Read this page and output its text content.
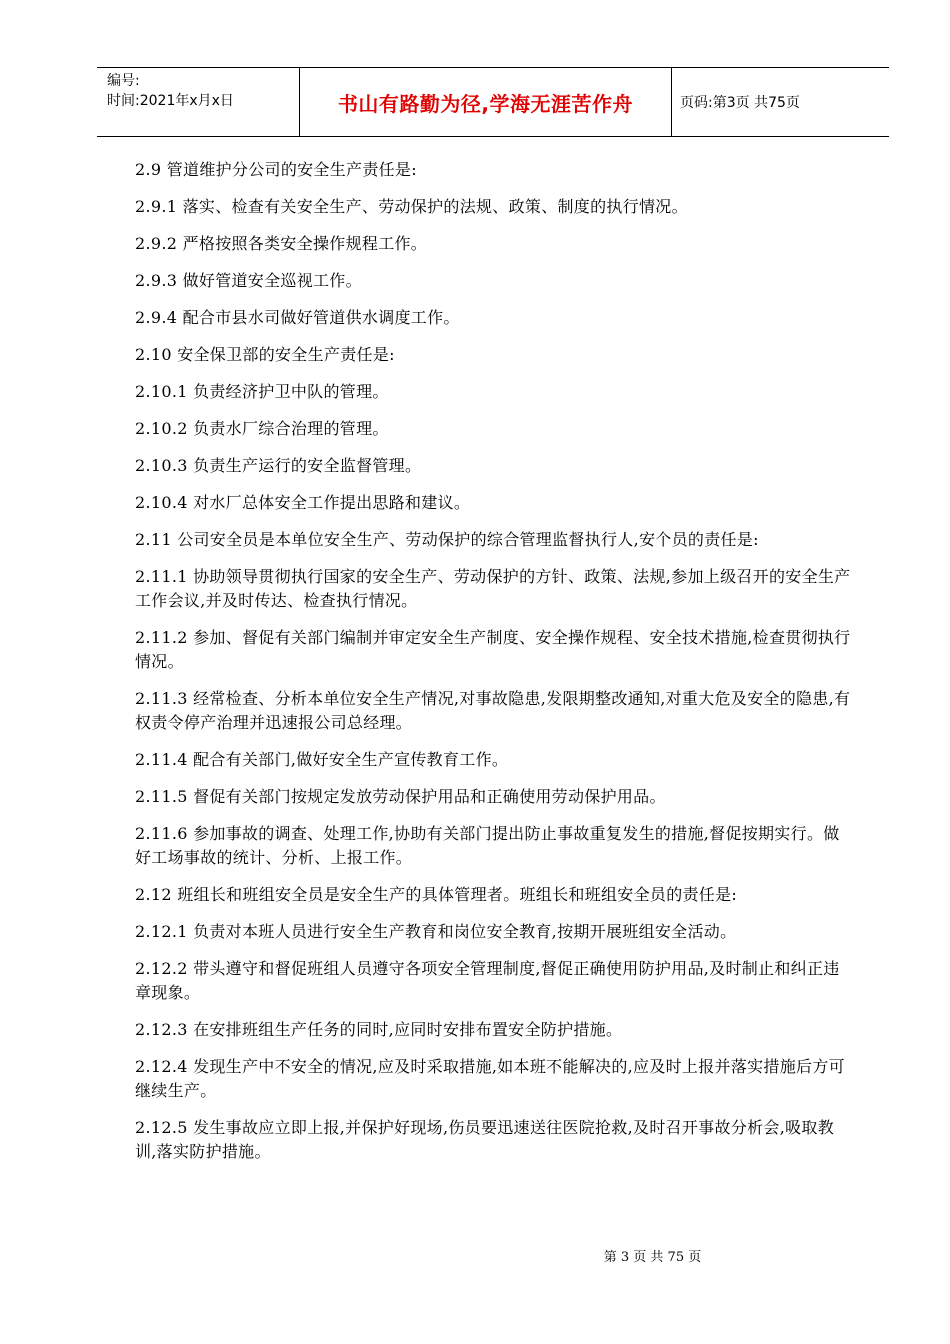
编号:
时间:2021年x月x日	书山有路勤为径,学海无涯苦作舟	页码:第3页 共75页

2.9 管道维护分公司的安全生产责任是:

2.9.1 落实、检查有关安全生产、劳动保护的法规、政策、制度的执行情况。

2.9.2 严格按照各类安全操作规程工作。

2.9.3 做好管道安全巡视工作。

2.9.4 配合市县水司做好管道供水调度工作。

2.10 安全保卫部的安全生产责任是:

2.10.1 负责经济护卫中队的管理。

2.10.2 负责水厂综合治理的管理。

2.10.3 负责生产运行的安全监督管理。

2.10.4 对水厂总体安全工作提出思路和建议。

2.11 公司安全员是本单位安全生产、劳动保护的综合管理监督执行人,安个员的责任是:

2.11.1 协助领导贯彻执行国家的安全生产、劳动保护的方针、政策、法规,参加上级召开的安全生产工作会议,并及时传达、检查执行情况。

2.11.2 参加、督促有关部门编制并审定安全生产制度、安全操作规程、安全技术措施,检查贯彻执行情况。

2.11.3 经常检查、分析本单位安全生产情况,对事故隐患,发限期整改通知,对重大危及安全的隐患,有权责令停产治理并迅速报公司总经理。

2.11.4 配合有关部门,做好安全生产宣传教育工作。

2.11.5 督促有关部门按规定发放劳动保护用品和正确使用劳动保护用品。

2.11.6 参加事故的调查、处理工作,协助有关部门提出防止事故重复发生的措施,督促按期实行。做好工场事故的统计、分析、上报工作。

2.12 班组长和班组安全员是安全生产的具体管理者。班组长和班组安全员的责任是:

2.12.1 负责对本班人员进行安全生产教育和岗位安全教育,按期开展班组安全活动。

2.12.2 带头遵守和督促班组人员遵守各项安全管理制度,督促正确使用防护用品,及时制止和纠正违章现象。

2.12.3 在安排班组生产任务的同时,应同时安排布置安全防护措施。

2.12.4 发现生产中不安全的情况,应及时采取措施,如本班不能解决的,应及时上报并落实措施后方可继续生产。

2.12.5 发生事故应立即上报,并保护好现场,伤员要迅速送往医院抢救,及时召开事故分析会,吸取教训,落实防护措施。

第 3 页 共 75 页
